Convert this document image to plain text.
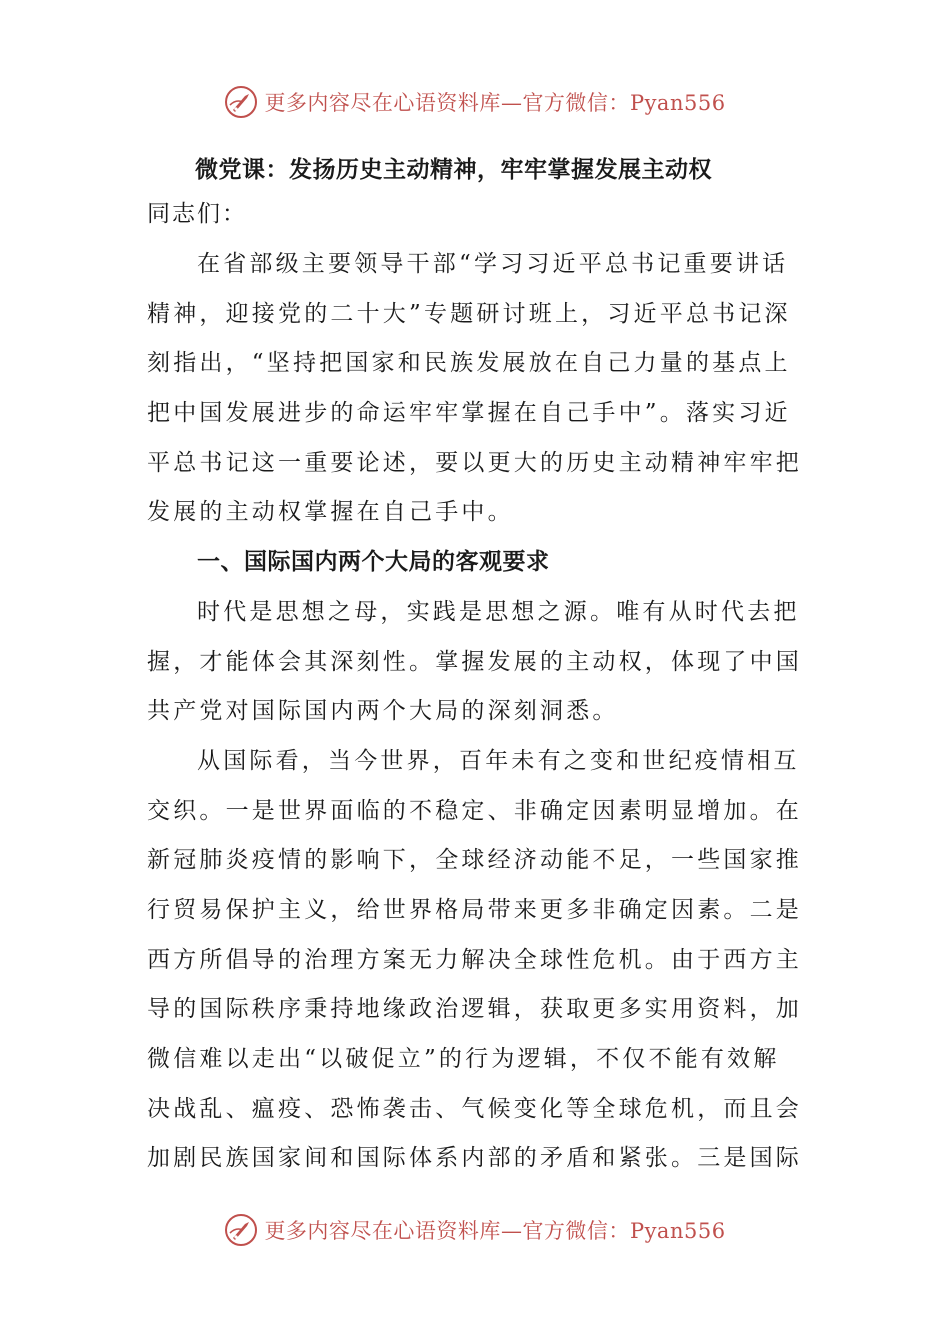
更多内容尽在心语资料库—官方微信：Pyan556
微党课：发扬历史主动精神，牢牢掌握发展主动权
同志们：

在省部级主要领导干部“学习习近平总书记重要讲话

精神，迎接党的二十大”专题研讨班上，习近平总书记深

刻指出，“坚持把国家和民族发展放在自己力量的基点上

把中国发展进步的命运牢牢掌握在自己手中”。落实习近

平总书记这一重要论述，要以更大的历史主动精神牢牢把

发展的主动权掌握在自己手中。

一、国际国内两个大局的客观要求

时代是思想之母，实践是思想之源。唯有从时代去把

握，才能体会其深刻性。掌握发展的主动权，体现了中国

共产党对国际国内两个大局的深刻洞悉。

从国际看，当今世界，百年未有之变和世纪疫情相互

交织。一是世界面临的不稳定、非确定因素明显增加。在

新冠肺炎疫情的影响下，全球经济动能不足，一些国家推

行贸易保护主义，给世界格局带来更多非确定因素。二是

西方所倡导的治理方案无力解决全球性危机。由于西方主

导的国际秩序秉持地缘政治逻辑，获取更多实用资料，加

微信难以走出“以破促立”的行为逻辑，不仅不能有效解

决战乱、瘟疫、恐怖袭击、气候变化等全球危机，而且会

加剧民族国家间和国际体系内部的矛盾和紧张。三是国际

更多内容尽在心语资料库—官方微信：Pyan556
